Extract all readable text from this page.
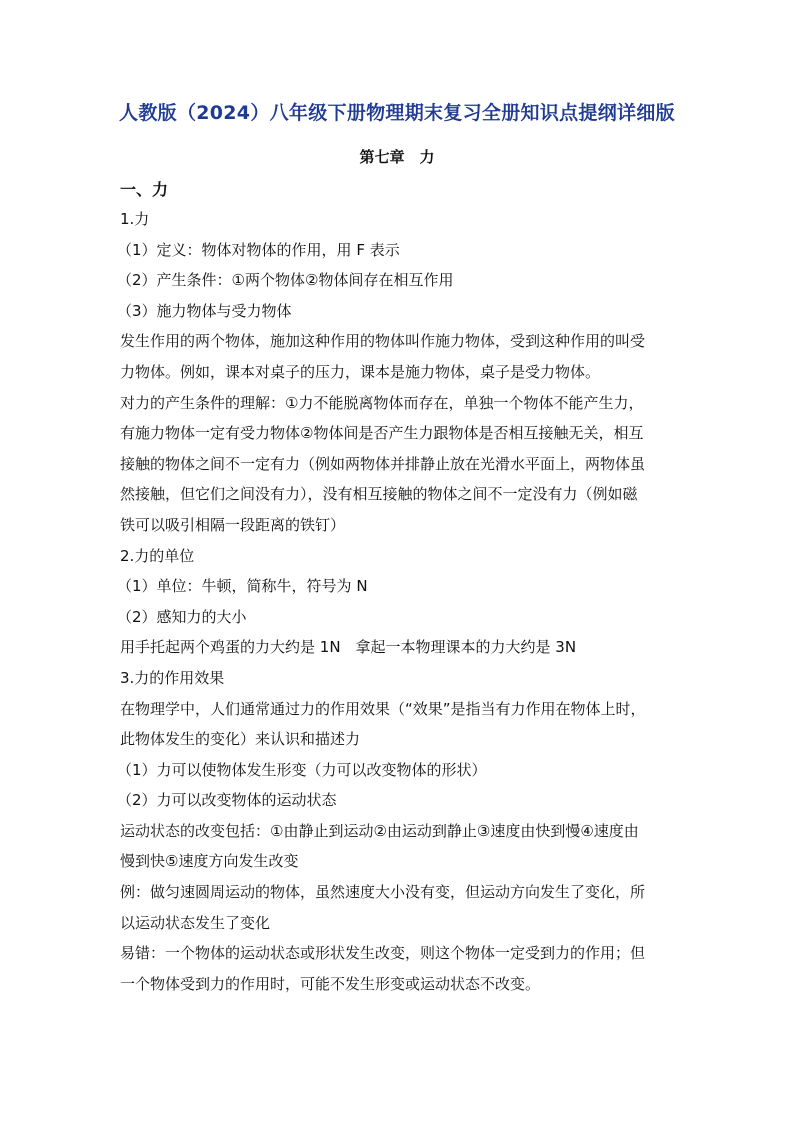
人教版（2024）八年级下册物理期末复习全册知识点提纲详细版
第七章　力
一、力
1.力
（1）定义：物体对物体的作用，用 F 表示
（2）产生条件：①两个物体②物体间存在相互作用
（3）施力物体与受力物体
发生作用的两个物体，施加这种作用的物体叫作施力物体，受到这种作用的叫受
力物体。例如，课本对桌子的压力，课本是施力物体，桌子是受力物体。
对力的产生条件的理解：①力不能脱离物体而存在，单独一个物体不能产生力，
有施力物体一定有受力物体②物体间是否产生力跟物体是否相互接触无关，相互
接触的物体之间不一定有力（例如两物体并排静止放在光滑水平面上，两物体虽
然接触，但它们之间没有力），没有相互接触的物体之间不一定没有力（例如磁
铁可以吸引相隔一段距离的铁钉）
2.力的单位
（1）单位：牛顿，简称牛，符号为 N
（2）感知力的大小
用手托起两个鸡蛋的力大约是 1N　拿起一本物理课本的力大约是 3N
3.力的作用效果
在物理学中，人们通常通过力的作用效果（“效果”是指当有力作用在物体上时，
此物体发生的变化）来认识和描述力
（1）力可以使物体发生形变（力可以改变物体的形状）
（2）力可以改变物体的运动状态
运动状态的改变包括：①由静止到运动②由运动到静止③速度由快到慢④速度由
慢到快⑤速度方向发生改变
例：做匀速圆周运动的物体，虽然速度大小没有变，但运动方向发生了变化，所
以运动状态发生了变化
易错：一个物体的运动状态或形状发生改变，则这个物体一定受到力的作用；但
一个物体受到力的作用时，可能不发生形变或运动状态不改变。
